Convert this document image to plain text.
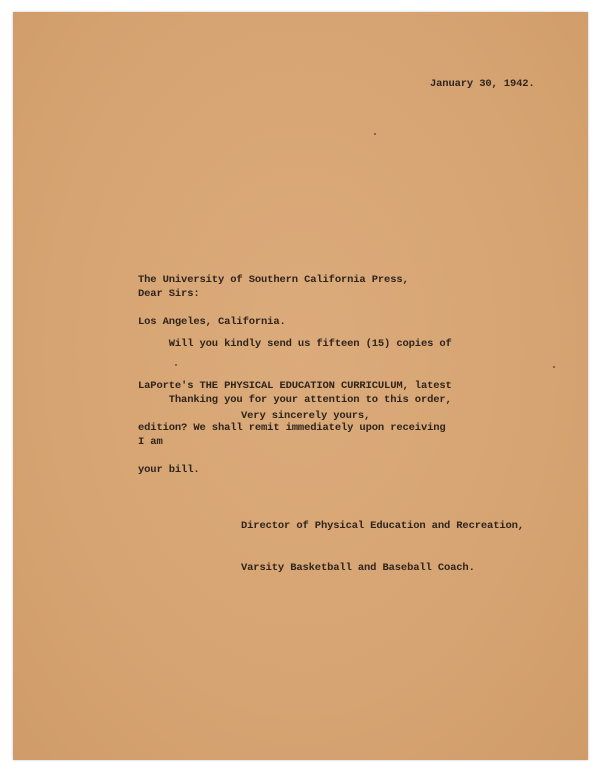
January 30, 1942.

The University of Southern California Press,

Los Angeles, California.

Dear Sirs:

Will you kindly send us fifteen (15) copies of

LaPorte's THE PHYSICAL EDUCATION CURRICULUM, latest

edition? We shall remit immediately upon receiving

your bill.

Thanking you for your attention to this order,

I am

Very sincerely yours,

Director of Physical Education and Recreation,

Varsity Basketball and Baseball Coach.
